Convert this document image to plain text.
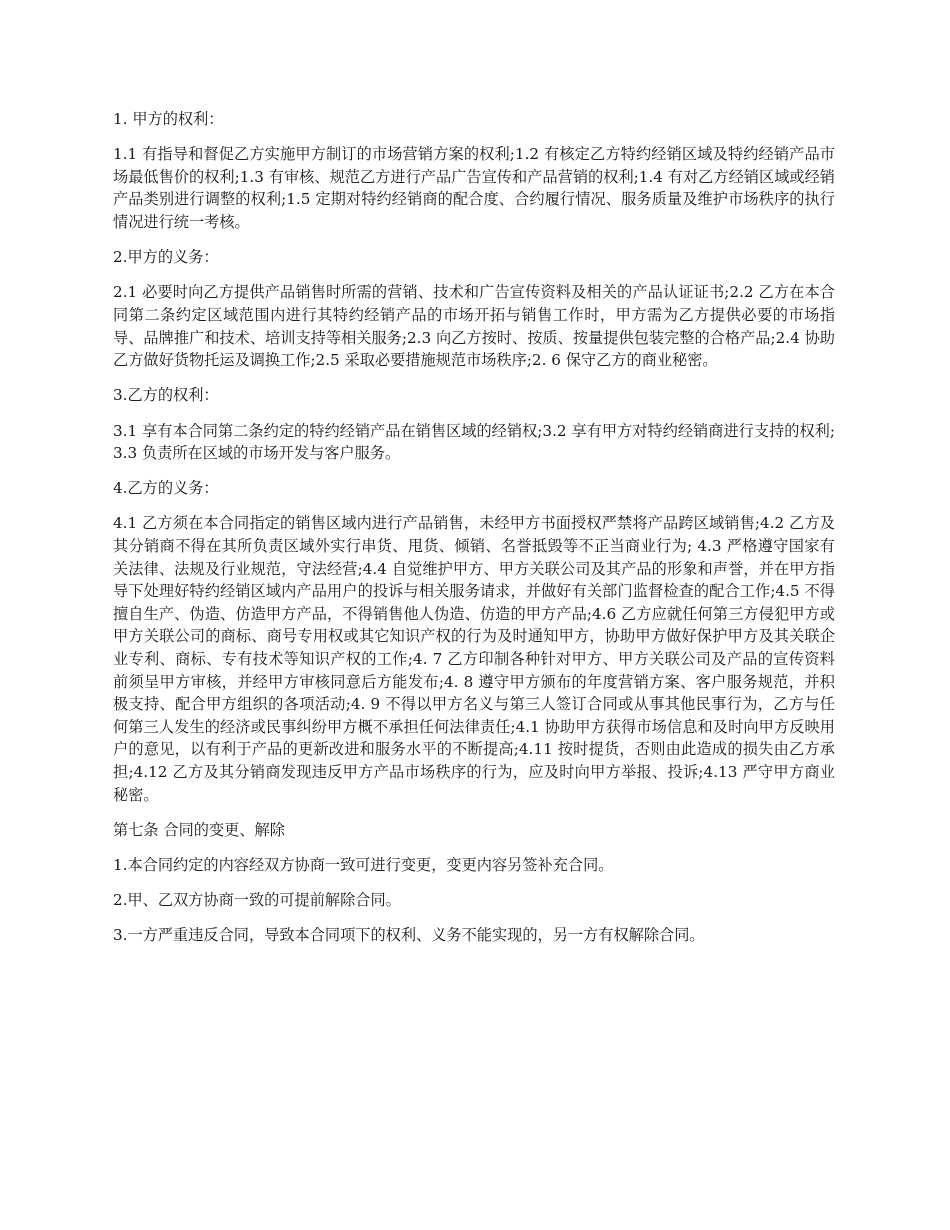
1. 甲方的权利：

1.1 有指导和督促乙方实施甲方制订的市场营销方案的权利;1.2 有核定乙方特约经销区域及特约经销产品市场最低售价的权利;1.3 有审核、规范乙方进行产品广告宣传和产品营销的权利;1.4 有对乙方经销区域或经销产品类别进行调整的权利;1.5 定期对特约经销商的配合度、合约履行情况、服务质量及维护市场秩序的执行情况进行统一考核。

2.甲方的义务：

2.1 必要时向乙方提供产品销售时所需的营销、技术和广告宣传资料及相关的产品认证证书;2.2 乙方在本合同第二条约定区域范围内进行其特约经销产品的市场开拓与销售工作时，甲方需为乙方提供必要的市场指导、品牌推广和技术、培训支持等相关服务;2.3 向乙方按时、按质、按量提供包装完整的合格产品;2.4 协助乙方做好货物托运及调换工作;2.5 采取必要措施规范市场秩序;2. 6 保守乙方的商业秘密。

3.乙方的权利：

3.1 享有本合同第二条约定的特约经销产品在销售区域的经销权;3.2 享有甲方对特约经销商进行支持的权利;3.3 负责所在区域的市场开发与客户服务。

4.乙方的义务：

4.1 乙方须在本合同指定的销售区域内进行产品销售，未经甲方书面授权严禁将产品跨区域销售;4.2 乙方及其分销商不得在其所负责区域外实行串货、甩货、倾销、名誉抵毁等不正当商业行为; 4.3 严格遵守国家有关法律、法规及行业规范，守法经营;4.4 自觉维护甲方、甲方关联公司及其产品的形象和声誉，并在甲方指导下处理好特约经销区域内产品用户的投诉与相关服务请求，并做好有关部门监督检查的配合工作;4.5 不得擅自生产、伪造、仿造甲方产品，不得销售他人伪造、仿造的甲方产品;4.6 乙方应就任何第三方侵犯甲方或甲方关联公司的商标、商号专用权或其它知识产权的行为及时通知甲方，协助甲方做好保护甲方及其关联企业专利、商标、专有技术等知识产权的工作;4. 7 乙方印制各种针对甲方、甲方关联公司及产品的宣传资料前须呈甲方审核，并经甲方审核同意后方能发布;4. 8 遵守甲方颁布的年度营销方案、客户服务规范，并积极支持、配合甲方组织的各项活动;4. 9 不得以甲方名义与第三人签订合同或从事其他民事行为，乙方与任何第三人发生的经济或民事纠纷甲方概不承担任何法律责任;4.1 协助甲方获得市场信息和及时向甲方反映用户的意见，以有利于产品的更新改进和服务水平的不断提高;4.11 按时提货，否则由此造成的损失由乙方承担;4.12 乙方及其分销商发现违反甲方产品市场秩序的行为，应及时向甲方举报、投诉;4.13 严守甲方商业秘密。

第七条 合同的变更、解除

1.本合同约定的内容经双方协商一致可进行变更，变更内容另签补充合同。

2.甲、乙双方协商一致的可提前解除合同。

3.一方严重违反合同，导致本合同项下的权利、义务不能实现的，另一方有权解除合同。
